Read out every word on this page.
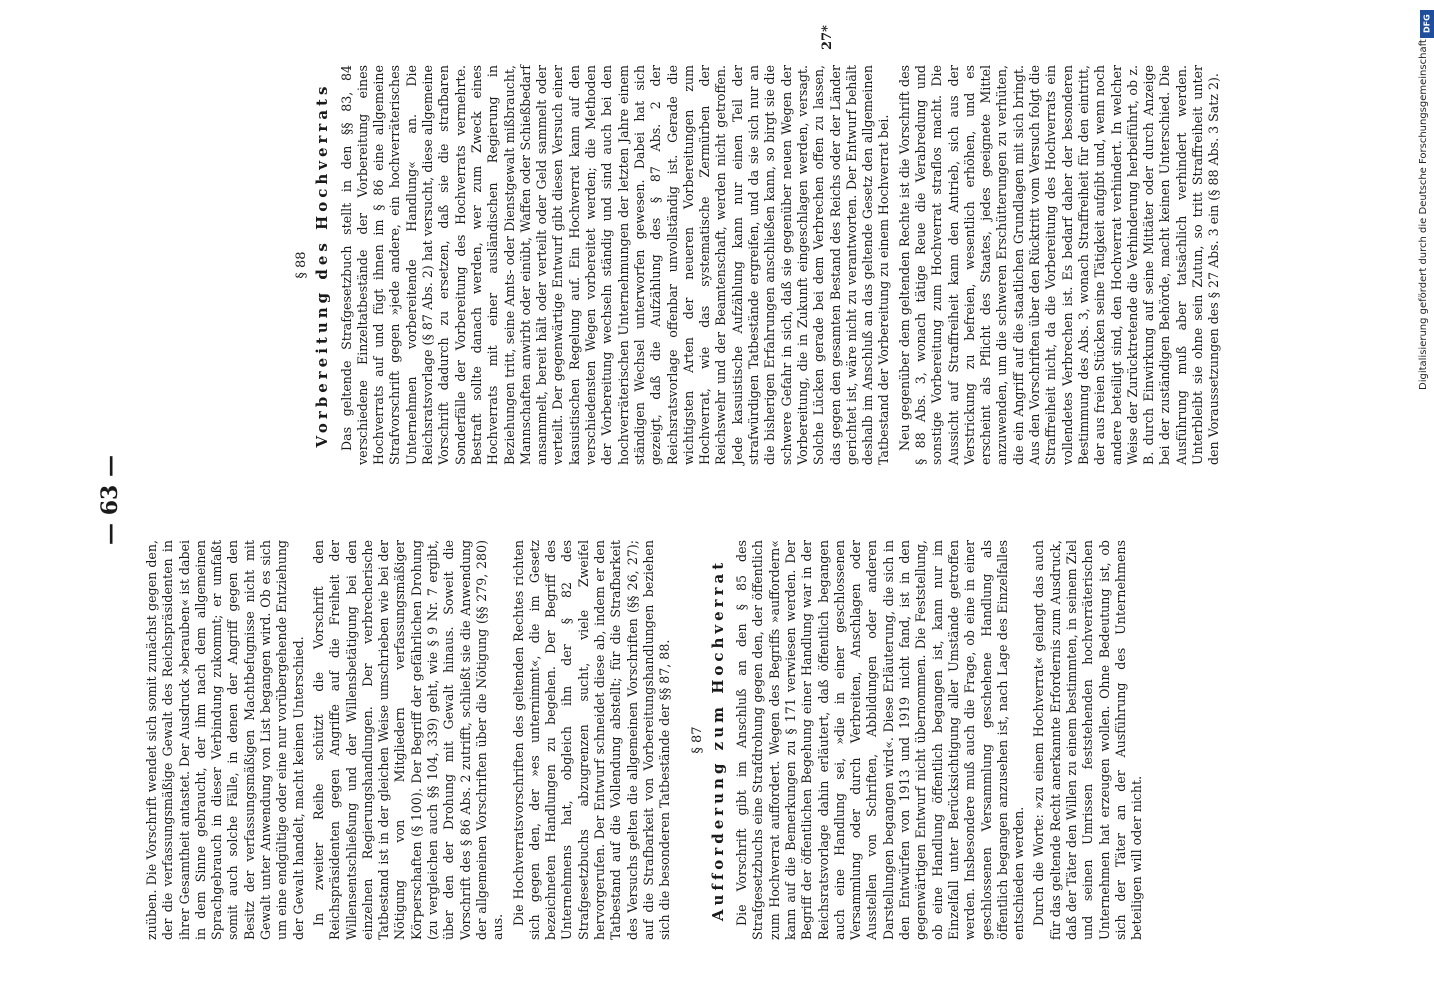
— 63 —

zuüben. Die Vorschrift wendet sich somit zunächst gegen den, der die verfassungsmäßige Gewalt des Reichspräsidenten in ihrer Gesamtheit antastet. Der Ausdruck »berauben« ist dabei in dem Sinne gebraucht, der ihm nach dem allgemeinen Sprachgebrauch in dieser Verbindung zukommt; er umfaßt somit auch solche Fälle, in denen der Angriff gegen den Besitz der verfassungsmäßigen Machtbefugnisse nicht mit Gewalt unter Anwendung von List begangen wird. Ob es sich um eine endgültige oder eine nur vorübergehende Entziehung der Gewalt handelt, macht keinen Unterschied. In zweiter Reihe schützt die Vorschrift den Reichspräsidenten gegen Angriffe auf die Freiheit der Willensentschließung und der Willensbetätigung bei den einzelnen Regierungshandlungen. Der verbrecherische Tatbestand ist in der gleichen Weise umschrieben wie bei der Nötigung von Mitgliedern verfassungsmäßiger Körperschaften (§ 100). Der Begriff der gefährlichen Drohung (zu vergleichen auch §§ 104, 339) geht, wie § 9 Nr. 7 ergibt, über den der Drohung mit Gewalt hinaus. Soweit die Vorschrift des § 86 Abs. 2 zutrifft, schließt sie die Anwendung der allgemeinen Vorschriften über die Nötigung (§§ 279, 280) aus.

Die Hochverratsvorschriften des geltenden Rechtes richten sich gegen den, der »es unternimmt«, die im Gesetz bezeichneten Handlungen zu begehen. Der Begriff des Unternehmens hat, obgleich ihn der § 82 des Strafgesetzbuchs abzugrenzen sucht, viele Zweifel hervorgerufen. Der Entwurf schneidet diese ab, indem er den Tatbestand auf die Vollendung abstellt; für die Strafbarkeit des Versuchs gelten die allgemeinen Vorschriften (§§ 26, 27); auf die Strafbarkeit von Vorbereitungshandlungen beziehen sich die besonderen Tatbestände der §§ 87, 88. § 87 Aufforderung zum Hochverrat Die Vorschrift gibt im Anschluß an den § 85 des Strafgesetzbuchs eine Strafdrohung gegen den, der öffentlich zum Hochverrat auffordert. Wegen des Begriffs »auffordern« kann auf die Bemerkungen zu § 171 verwiesen werden. Der Begriff der öffentlichen Begehung einer Handlung war in der Reichsratsvorlage dahin erläutert, daß öffentlich begangen auch eine Handlung sei, »die in einer geschlossenen Versammlung oder durch Verbreiten, Anschlagen oder Ausstellen von Schriften, Abbildungen oder anderen Darstellungen begangen wird«. Diese Erläuterung, die sich in den Entwürfen von 1913 und 1919 nicht fand, ist in den gegenwärtigen Entwurf nicht übernommen. Die Feststellung, ob eine Handlung öffentlich begangen ist, kann nur im Einzelfall unter Berücksichtigung aller Umstände getroffen werden. Insbesondere muß auch die Frage, ob eine in einer geschlossenen Versammlung geschehene Handlung als öffentlich begangen anzusehen ist, nach Lage des Einzelfalles entschieden werden. Durch die Worte: »zu einem Hochverrat« gelangt das auch für das geltende Recht anerkannte Erfordernis zum Ausdruck, daß der Täter den Willen zu einem bestimmten, in seinem Ziel und seinen Umrissen feststehenden hochverräterischen Unternehmen hat erzeugen wollen. Ohne Bedeutung ist, ob sich der Täter an der Ausführung des Unternehmens beteiligen will oder nicht.

§ 88 Vorbereitung des Hochverrats Das geltende Strafgesetzbuch stellt in den §§ 83, 84 verschiedene Einzeltatbestände der Vorbereitung eines Hochverrats auf und fügt ihnen im § 86 eine allgemeine Strafvorschrift gegen »jede andere, ein hochverräterisches Unternehmen vorbereitende Handlung« an. Die Reichsratsvorlage (§ 87 Abs. 2) hat versucht, diese allgemeine Vorschrift dadurch zu ersetzen, daß sie die strafbaren Sonderfälle der Vorbereitung des Hochverrats vermehrte. Bestraft sollte danach werden, wer zum Zweck eines Hochverrats mit einer ausländischen Regierung in Beziehungen tritt, seine Amts- oder Dienstgewalt mißbraucht, Mannschaften anwirbt oder einübt, Waffen oder Schießbedarf ansammelt, bereit hält oder verteilt oder Geld sammelt oder verteilt. Der gegenwärtige Entwurf gibt diesen Versuch einer kasuistischen Regelung auf. Ein Hochverrat kann auf den verschiedensten Wegen vorbereitet werden; die Methoden der Vorbereitung wechseln ständig und sind auch bei den hochverräterischen Unternehmungen der letzten Jahre einem ständigen Wechsel unterworfen gewesen. Dabei hat sich gezeigt, daß die Aufzählung des § 87 Abs. 2 der Reichsratsvorlage offenbar unvollständig ist. Gerade die wichtigsten Arten der neueren Vorbereitungen zum Hochverrat, wie das systematische Zermürben der Reichswehr und der Beamtenschaft, werden nicht getroffen. Jede kasuistische Aufzählung kann nur einen Teil der strafwürdigen Tatbestände ergreifen, und da sie sich nur an die bisherigen Erfahrungen anschließen kann, so birgt sie die schwere Gefahr in sich, daß sie gegenüber neuen Wegen der Vorbereitung, die in Zukunft eingeschlagen werden, versagt. Solche Lücken gerade bei dem Verbrechen offen zu lassen, das gegen den gesamten Bestand des Reichs oder der Länder gerichtet ist, wäre nicht zu verantworten. Der Entwurf behält deshalb im Anschluß an das geltende Gesetz den allgemeinen Tatbestand der Vorbereitung zu einem Hochverrat bei. Neu gegenüber dem geltenden Rechte ist die Vorschrift des § 88 Abs. 3, wonach tätige Reue die Verabredung und sonstige Vorbereitung zum Hochverrat straflos macht. Die Aussicht auf Straffreiheit kann den Antrieb, sich aus der Verstrickung zu befreien, wesentlich erhöhen, und es erscheint als Pflicht des Staates, jedes geeignete Mittel anzuwenden, um die schweren Erschütterungen zu verhüten, die ein Angriff auf die staatlichen Grundlagen mit sich bringt. Aus den Vorschriften über den Rücktritt vom Versuch folgt die Straffreiheit nicht, da die Vorbereitung des Hochverrats ein vollendetes Verbrechen ist. Es bedarf daher der besonderen Bestimmung des Abs. 3, wonach Straffreiheit für den eintritt, der aus freien Stücken seine Tätigkeit aufgibt und, wenn noch andere beteiligt sind, den Hochverrat verhindert. In welcher Weise der Zurücktretende die Verhinderung herbeiführt, ob z. B. durch Einwirkung auf seine Mittäter oder durch Anzeige bei der zuständigen Behörde, macht keinen Unterschied. Die Ausführung muß aber tatsächlich verhindert werden. Unterbleibt sie ohne sein Zutun, so tritt Straffreiheit unter den Voraussetzungen des § 27 Abs. 3 ein (§ 88 Abs. 3 Satz 2).

27*
DFG
Digitalisierung gefördert durch die Deutsche Forschungsgemeinschaft
